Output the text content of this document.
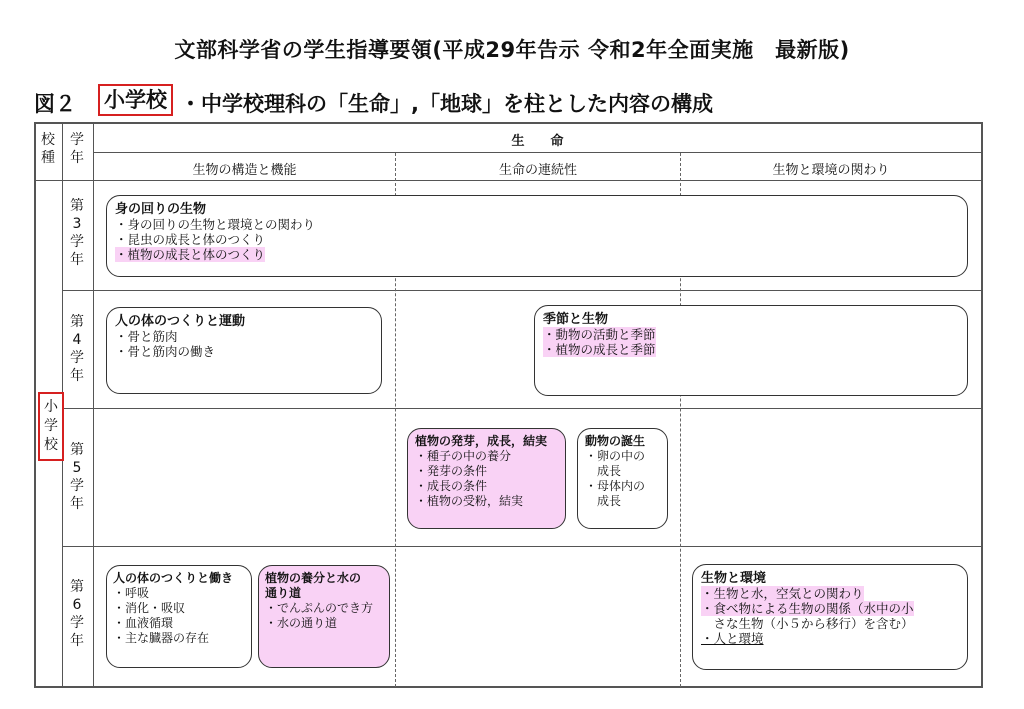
文部科学省の学生指導要領(平成29年告示 令和2年全面実施　最新版)
図２ 小学校 ・中学校理科の「生命」,「地球」を柱とした内容の構成
校
種
学
年
生　　命
生物の構造と機能	生命の連続性	生物と環境の関わり
小
学
校
第
3
学
年
第
4
学
年
第
5
学
年
第
6
学
年
身の回りの生物
・身の回りの生物と環境との関わり
・昆虫の成長と体のつくり
・植物の成長と体のつくり
人の体のつくりと運動
・骨と筋肉
・骨と筋肉の働き
季節と生物
・動物の活動と季節
・植物の成長と季節
植物の発芽，成長，結実
・種子の中の養分
・発芽の条件
・成長の条件
・植物の受粉，結実
動物の誕生
・卵の中の
　成長
・母体内の
　成長
人の体のつくりと働き
・呼吸
・消化・吸収
・血液循環
・主な臓器の存在
植物の養分と水の
通り道
・でんぷんのでき方
・水の通り道
生物と環境
・生物と水，空気との関わり
・食べ物による生物の関係（水中の小
　さな生物（小５から移行）を含む）
・人と環境
